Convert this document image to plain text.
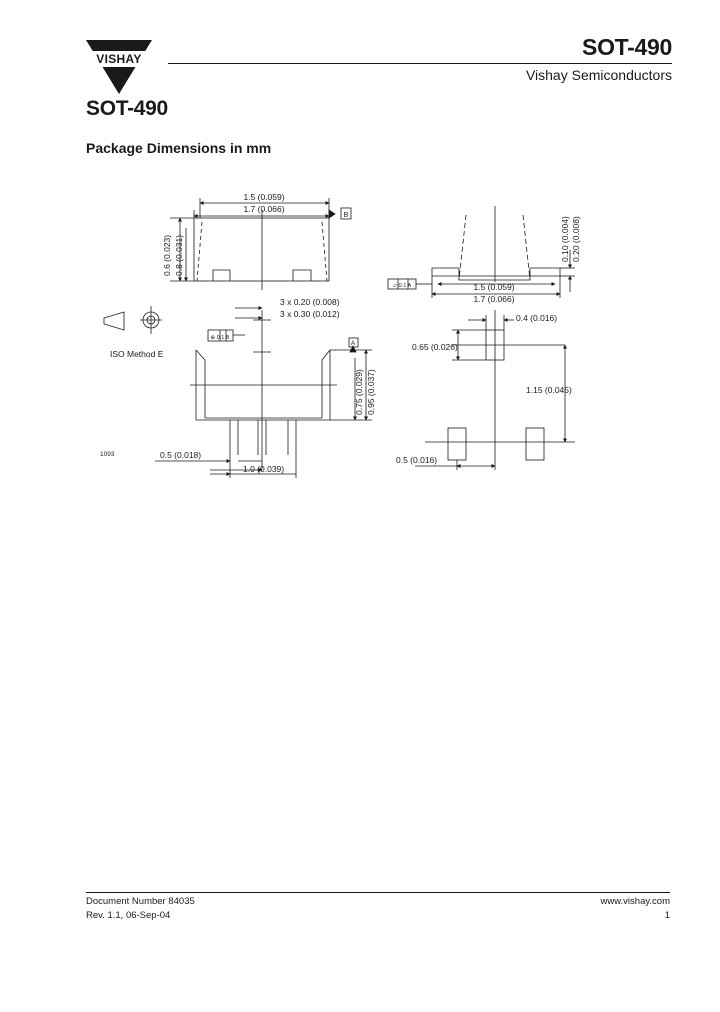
VISHAY	SOT-490
Vishay Semiconductors
SOT-490
Package Dimensions in mm
1.5 (0.059)
1.7 (0.066)
B
0.6 (0.023) 0.8 (0.031)	0.10 (0.004) 0.20 (0.008)
1.5 (0.059)
1.7 (0.066)
▱ 0.1 A
3 x 0.20 (0.008)
3 x 0.30 (0.012)
A
⊕ 0.1 B
ISO Method E
0.75 (0.029) 0.95 (0.037)
0.5 (0.018)
1.0 (0.039)
1093
0.4 (0.016)
0.65 (0.026)
1.15 (0.045)
0.5 (0.016)
Document Number 84035
Rev. 1.1, 06-Sep-04
www.vishay.com
1
